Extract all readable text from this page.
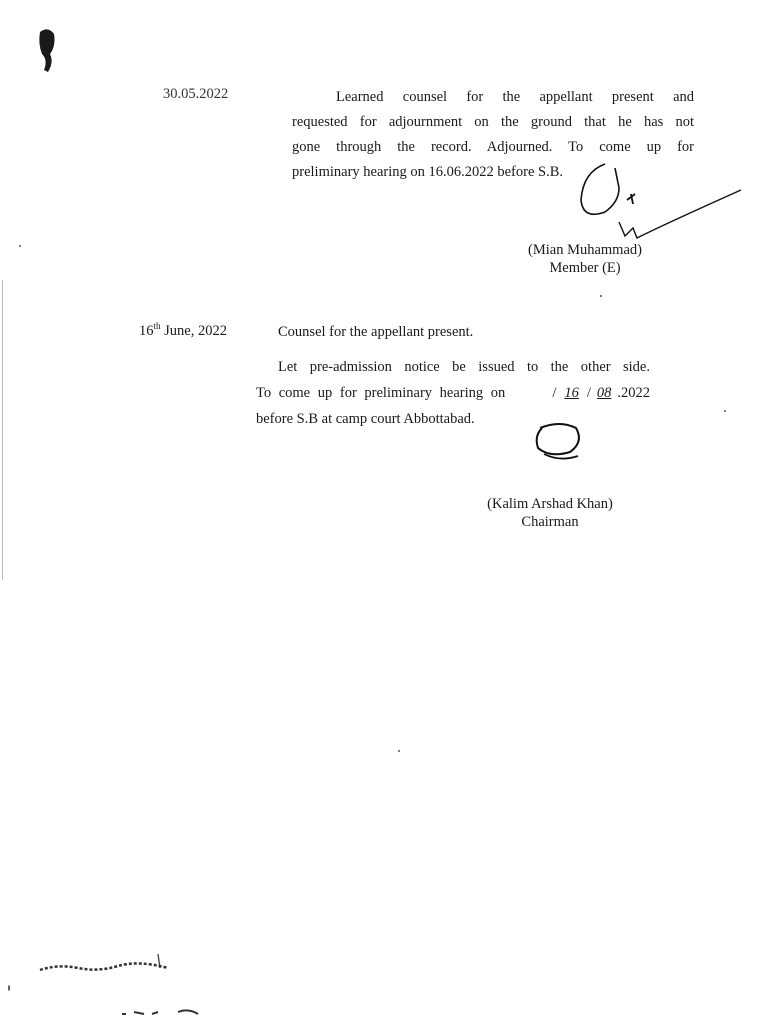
30.05.2022	Learned counsel for the appellant present and
requested for adjournment on the ground that he has not
gone through the record. Adjourned. To come up for
preliminary hearing on 16.06.2022 before S.B.
(Mian Muhammad)
Member (E)
16th June, 2022	Counsel for the appellant present.
Let pre-admission notice be issued to the other side.
To come up for preliminary hearing on	/ 16 / 08 .2022
before S.B at camp court Abbottabad.
(Kalim Arshad Khan)
Chairman
